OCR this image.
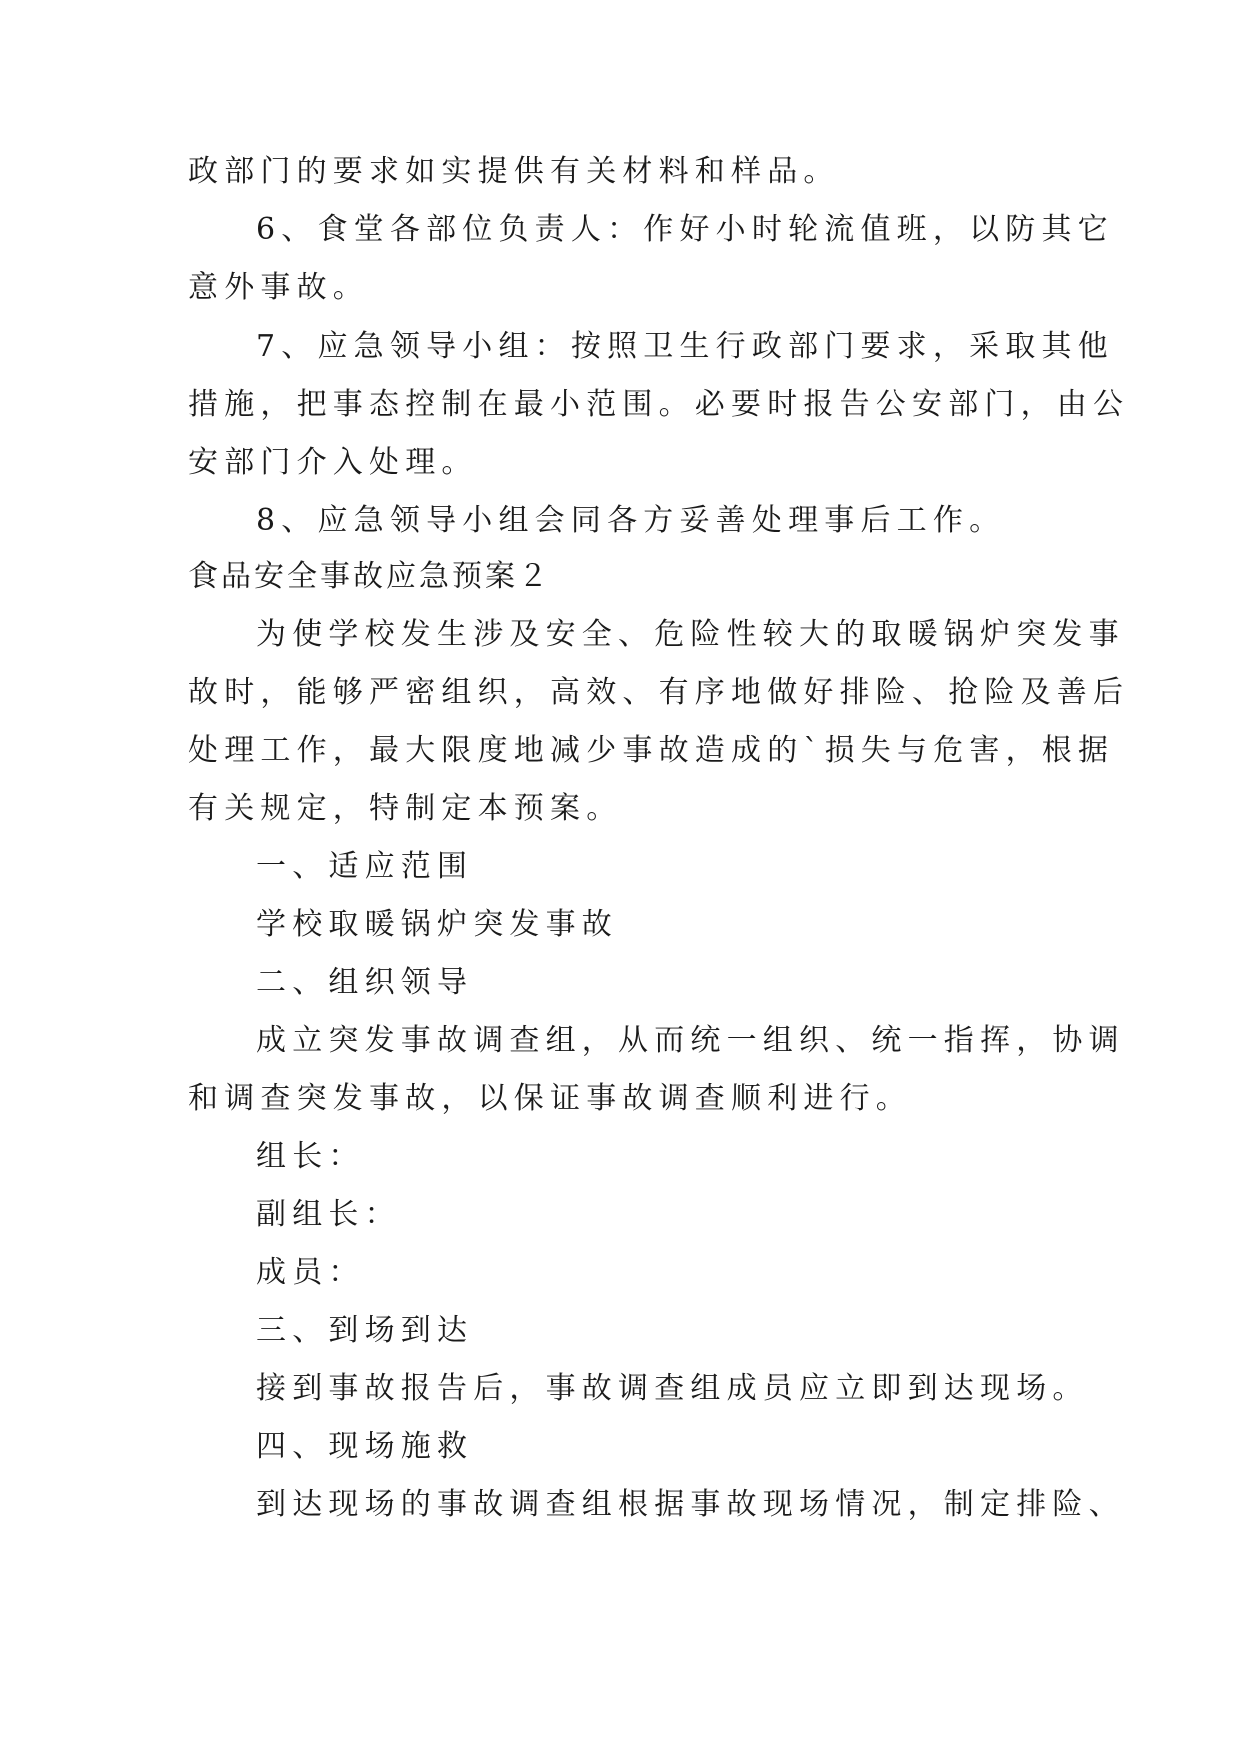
政部门的要求如实提供有关材料和样品。

6、食堂各部位负责人：作好小时轮流值班，以防其它

意外事故。

7、应急领导小组：按照卫生行政部门要求，采取其他

措施，把事态控制在最小范围。必要时报告公安部门，由公

安部门介入处理。

8、应急领导小组会同各方妥善处理事后工作。

食品安全事故应急预案２

为使学校发生涉及安全、危险性较大的取暖锅炉突发事

故时，能够严密组织，高效、有序地做好排险、抢险及善后

处理工作，最大限度地减少事故造成的`损失与危害，根据

有关规定，特制定本预案。

一、适应范围

学校取暖锅炉突发事故

二、组织领导

成立突发事故调查组，从而统一组织、统一指挥，协调

和调查突发事故，以保证事故调查顺利进行。

组长：

副组长：

成员：

三、到场到达

接到事故报告后，事故调查组成员应立即到达现场。

四、现场施救

到达现场的事故调查组根据事故现场情况，制定排险、
